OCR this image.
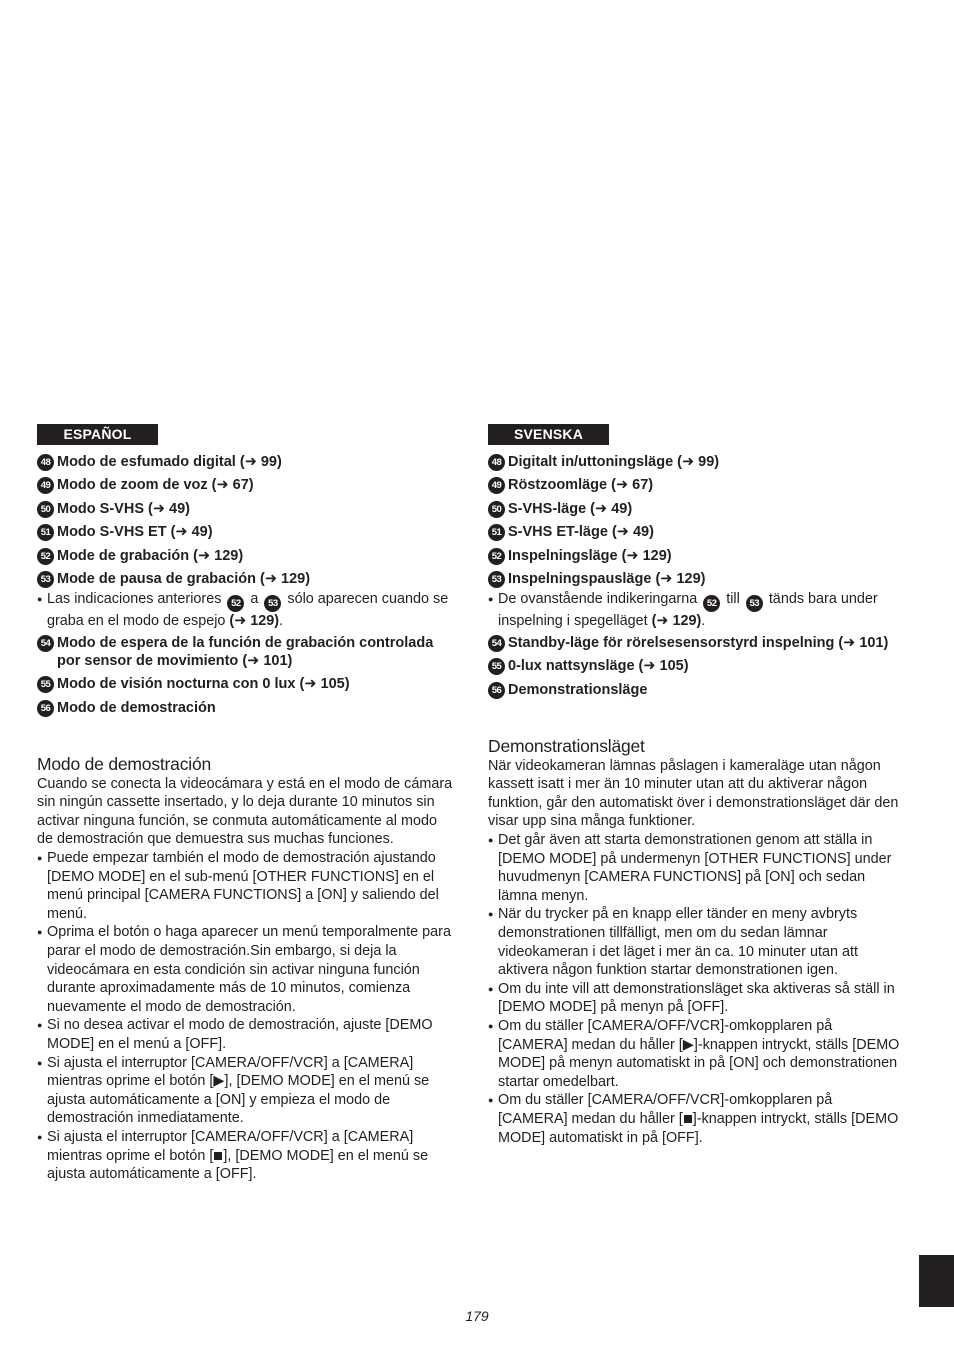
ESPAÑOL
48 Modo de esfumado digital (➜ 99)
49 Modo de zoom de voz (➜ 67)
50 Modo S-VHS (➜ 49)
51 Modo S-VHS ET (➜ 49)
52 Mode de grabación (➜ 129)
53 Mode de pausa de grabación (➜ 129)
● Las indicaciones anteriores 52 a 53 sólo aparecen cuando se graba en el modo de espejo (➜ 129).
54 Modo de espera de la función de grabación controlada por sensor de movimiento (➜ 101)
55 Modo de visión nocturna con 0 lux (➜ 105)
56 Modo de demostración
Modo de demostración

Cuando se conecta la videocámara y está en el modo de cámara sin ningún cassette insertado, y lo deja durante 10 minutos sin activar ninguna función, se conmuta automáticamente al modo de demostración que demuestra sus muchas funciones.

● Puede empezar también el modo de demostración ajustando [DEMO MODE] en el sub-menú [OTHER FUNCTIONS] en el menú principal [CAMERA FUNCTIONS] a [ON] y saliendo del menú.
● Oprima el botón o haga aparecer un menú temporalmente para parar el modo de demostración.Sin embargo, si deja la videocámara en esta condición sin activar ninguna función durante aproximadamente más de 10 minutos, comienza nuevamente el modo de demostración.
● Si no desea activar el modo de demostración, ajuste [DEMO MODE] en el menú a [OFF].
● Si ajusta el interruptor [CAMERA/OFF/VCR] a [CAMERA] mientras oprime el botón [▶], [DEMO MODE] en el menú se ajusta automáticamente a [ON] y empieza el modo de demostración inmediatamente.
● Si ajusta el interruptor [CAMERA/OFF/VCR] a [CAMERA] mientras oprime el botón [ ], [DEMO MODE] en el menú se ajusta automáticamente a [OFF].
SVENSKA
48 Digitalt in/uttoningsläge (➜ 99)
49 Röstzoomläge (➜ 67)
50 S-VHS-läge (➜ 49)
51 S-VHS ET-läge (➜ 49)
52 Inspelningsläge (➜ 129)
53 Inspelningspausläge (➜ 129)
● De ovanstående indikeringarna 52 till 53 tänds bara under inspelning i spegelläget (➜ 129).
54 Standby-läge för rörelsesensorstyrd inspelning (➜ 101)
55 0-lux nattsynsläge (➜ 105)
56 Demonstrationsläge
Demonstrationsläget

När videokameran lämnas påslagen i kameraläge utan någon kassett isatt i mer än 10 minuter utan att du aktiverar någon funktion, går den automatiskt över i demonstrationsläget där den visar upp sina många funktioner.

● Det går även att starta demonstrationen genom att ställa in [DEMO MODE] på undermenyn [OTHER FUNCTIONS] under huvudmenyn [CAMERA FUNCTIONS] på [ON] och sedan lämna menyn.
● När du trycker på en knapp eller tänder en meny avbryts demonstrationen tillfälligt, men om du sedan lämnar videokameran i det läget i mer än ca. 10 minuter utan att aktivera någon funktion startar demonstrationen igen.
● Om du inte vill att demonstrationsläget ska aktiveras så ställ in [DEMO MODE] på menyn på [OFF].
● Om du ställer [CAMERA/OFF/VCR]-omkopplaren på [CAMERA] medan du håller [▶]-knappen intryckt, ställs [DEMO MODE] på menyn automatiskt in på [ON] och demonstrationen startar omedelbart.
● Om du ställer [CAMERA/OFF/VCR]-omkopplaren på [CAMERA] medan du håller [ ]-knappen intryckt, ställs [DEMO MODE] automatiskt in på [OFF].
179
